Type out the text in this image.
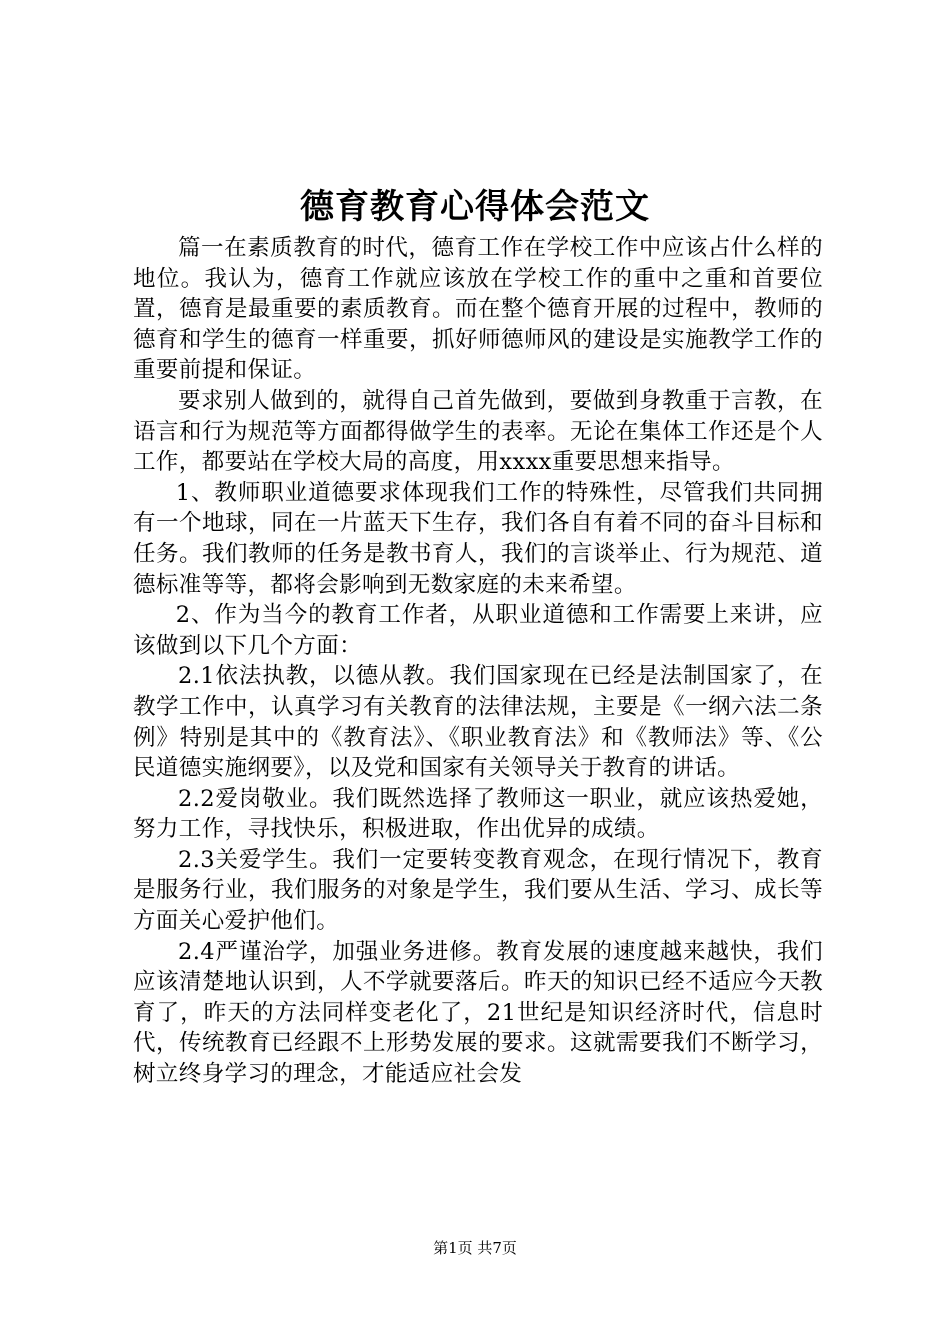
德育教育心得体会范文

篇一在素质教育的时代，德育工作在学校工作中应该占什么样的地位。我认为，德育工作就应该放在学校工作的重中之重和首要位置，德育是最重要的素质教育。而在整个德育开展的过程中，教师的德育和学生的德育一样重要，抓好师德师风的建设是实施教学工作的重要前提和保证。

要求别人做到的，就得自己首先做到，要做到身教重于言教，在语言和行为规范等方面都得做学生的表率。无论在集体工作还是个人工作，都要站在学校大局的高度，用xxxx重要思想来指导。

1、教师职业道德要求体现我们工作的特殊性，尽管我们共同拥有一个地球，同在一片蓝天下生存，我们各自有着不同的奋斗目标和任务。我们教师的任务是教书育人，我们的言谈举止、行为规范、道德标准等等，都将会影响到无数家庭的未来希望。

2、作为当今的教育工作者，从职业道德和工作需要上来讲，应该做到以下几个方面：

2.1依法执教，以德从教。我们国家现在已经是法制国家了，在教学工作中，认真学习有关教育的法律法规，主要是《一纲六法二条例》特别是其中的《教育法》、《职业教育法》和《教师法》等、《公民道德实施纲要》，以及党和国家有关领导关于教育的讲话。

2.2爱岗敬业。我们既然选择了教师这一职业，就应该热爱她，努力工作，寻找快乐，积极进取，作出优异的成绩。

2.3关爱学生。我们一定要转变教育观念，在现行情况下，教育是服务行业，我们服务的对象是学生，我们要从生活、学习、成长等方面关心爱护他们。

2.4严谨治学，加强业务进修。教育发展的速度越来越快，我们应该清楚地认识到，人不学就要落后。昨天的知识已经不适应今天教育了，昨天的方法同样变老化了，21世纪是知识经济时代，信息时代，传统教育已经跟不上形势发展的要求。这就需要我们不断学习，树立终身学习的理念，才能适应社会发

第1页 共7页
